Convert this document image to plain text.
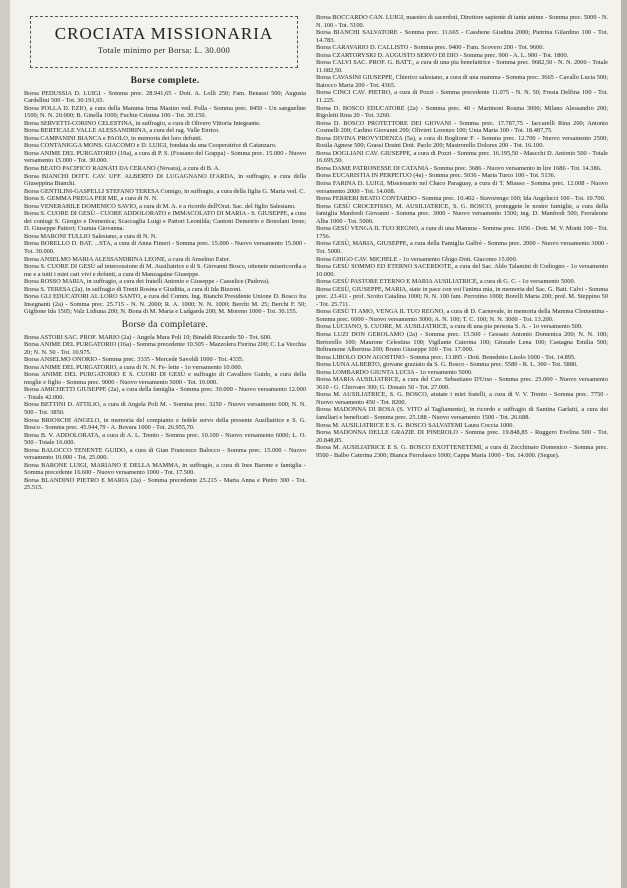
CROCIATA MISSIONARIA
Totale minimo per Borsa: L. 30.000
Borse complete.

Borsa PEDUSSIA D. LUIGI - Somma prec. 28.941,65 - Dott. A. Lolli 250; Fam. Benassi 500; Augusta Cardellini 500 - Tot. 30.191,65.

Borsa POLLA D. EZIO, a cura della Mamma Irma Masino ved. Polla - Somma prec. 8450 - Un sangueline 1500; N. N. 20.000; B. Ginella 1000; Fuchin Cristina 100 - Tot. 30.150.

Borsa SERVETTI-CORINO CELESTINA, in suffragio, a cura di Olivero Vittoria Integrante.

Borsa BERTICALE VALLE ALESSANDRINA, a cura del rag. Valle Enrico.

Borsa CAMPANINI BIANCA e PAOLO, in memoria dei loro defunti.

Borsa CONTANIGGA MONS. GIACOMO e D. LUIGI, fondata da una Cooperatrice di Catanzaro.

Borsa ANIME DEL PURGATORIO (19a), a cura di P. S. (Fossano del Grappa) - Somma prec. 15.000 - Nuovo versamento 15.000 - Tot. 30.000.

Borsa BEATO PACIFICO RAINATI DA CERANO (Novara), a cura di B. A.

Borsa BIANCHI DOTT. CAV. UFF. ALBERTO DI LUGAGNANO D'ARDA, in suffragio, a cura della Giuseppina Bianchi.

Borsa GENTILINI-GASPELLI STEFANO TERESA Comigo, in suffragio, a cura della figlia G. Maria ved. C.

Borsa S. GEMMA PREGA PER ME, a cura di N. N.

Borsa VENERABILE DOMENICO SAVIO, a cura di M. A. e a ricordo dell'Orat. Sac. del figlio Salesiano.

Borsa S. CUORE DI GESÙ - CUORE ADDOLORATO e IMMACOLATO DI MARIA - S. GIUSEPPE, a cura dei coniugi S. Giorgio e Domenica; Scaccaglia Luigi e Pattori Leonilda; Cantoni Demetrio e Bonolani Irene; D. Giuseppe Pattori; Cramia Giovanna.

Borsa MARONI TULLIO Salesiano, a cura di N. N.

Borsa BORELLO D. BAT. ...STA, a cura di Anna Fimeri - Somma prec. 15.000 - Nuovo versamento 15.000 - Tot. 30.000.

Borsa ANSELMO MARIA ALESSANDRINA LEONE, a cura di Anselmo Ester.

Borsa S. CUORE DI GESÙ ad intercessione di M. Ausiliatrice e di S. Giovanni Bosco, ottenete misericordia a me e a tutti i miei cari vivi e defunti, a cura di Manzagaine Giuseppe.

Borsa ROSSO MARIA, in suffragio, a cura dei fratelli Antonio e Giuseppe - Casselice (Padova).

Borsa S. TERESA (2a), in suffragio di Trenti Rosina e Giuditta, a cura di Ida Bizzoni.

Borsa GLI EDUCATORI AL LORO SANTO, a cura del Comm. Ing. Bianchi Presidente Unione D. Bosco fra Insegnanti (2a) - Somma prec. 25.715 - N. N. 2000; R. A. 1000; N. N. 1000; Berchi M. 25; Berchi F. 50; Giglione Ida 1505; Valz Lidiuna 200; N. Bona di M. Maria e Ludgarda 200; M. Moreno 1000 - Tot. 30.155.

Borse da completare.

Borsa ASTORI SAC. PROF. MARIO (2a) - Angela Mara Poli 10; Binaldi Riccardo 50 - Tot. 600.

Borsa ANIME DEL PURGATORIO (16a) - Somma precedente 10.505 - Mazzolera Fiorina 200; C. La Vecchia 20; N. N. 50 - Tot. 10.975.

Borsa ANSELMO ONORIO - Somma prec. 3335 - Mercede Savoldi 1000 - Tot. 4335.

Borsa ANIME DEL PURGATORIO, a cura di N. N. Fe- lette - 1o versamento 10.000.

Borsa ANIME DEL PURGATORIO E S. CUORI DI GESÙ e suffragio di Cavallero Guido, a cura della moglie e figlio - Somma prec. 9000 - Nuovo versamento 5000 - Tot. 10.000.

Borsa AMICHETTI GIUSEPPE (2a), a cura della famiglia - Somma prec. 30.000 - Nuovo versamento 12.000 - Totale 42.000.

Borsa BETTINI D. ATTILIO, a cura di Angela Poli M. - Somma prec. 3250 - Nuovo versamento 600; N. N. 500 - Tot. 3850.

Borsa BRIOSCHI ANGELO, in memoria del compianto e fedele servo della presente Ausiliatrice e S. G. Bosco - Somma prec. 45.944,79 - A. Bovara 1000 - Tot. 26.955,70.

Borsa B. V. ADDOLORATA, a cura di A. L. Trento - Somma prec. 10.100 - Nuovo versamento 6000; L. O. 500 - Totale 16.600.

Borsa BALOCCO TENENTE GUIDO, a cura di Gian Francesco Balocco - Somma prec. 15.000 - Nuovo versamento 10.000 - Tot. 25.000.

Borsa BARONE LUIGI, MARIANO E DELLA MAMMA, in suffragio, a cura di Ines Barone e famiglia - Somma precedente 16.600 - Nuovo versamento 1000 - Tot. 17.500.

Borsa BLANDINO PIETRO E MARIA (2a) - Somma precedente 25.215 - Marta Anna e Pietro 300 - Tot. 25.515.

Borsa BOCCARDO CAN. LUIGI, maestro di sacerdoti, Direttore sapiente di tante anime - Somma prec. 5000 - N. N. 100 - Tot. 5100.

Borsa BIANCHI SALVATORE - Somma prec. 11.665 - Cassbene Giuditta 2000; Pietrina Gilardino 100 - Tot. 14.783.

Borsa CARAVARIO D. CALLISTO - Somma prec. 9400 - Fam. Scovero 200 - Tot. 9600.

Borsa CZARTORYSKI D. AUGUSTO SERVO DI DIO - Somma prec. 900 - A. L. 900 - Tot. 1800.

Borsa CALVI SAC. PROF. G. BATT., a cura di una pia benefattrice - Somma prec. 9682,50 - N. N. 2000 - Totale 11.682,50.

Borsa CAVASINI GIUSEPPE, Chierico salesiano, a cura di una mamma - Somma prec. 3665 - Cavallo Lucia 500; Batocco Maria 200 - Tot. 4365.

Borsa CINCI CAV. PIETRO, a cura di Pozzi - Somma precedente 11.075 - N. N. 50; Fresia Delfina 100 - Tot. 11.225.

Borsa D. BOSCO EDUCATORE (2a) - Somma prec. 40 - Martinoni Rosina 3000; Milano Alessandro 200; Rigoletti Rina 20 - Tot. 3260.

Borsa D. BOSCO PROTETTORE DEI GIOVANI - Somma prec. 17.787,75 - Iaccarelli Rina 200; Antonio Cosmelli 200; Carlino Giovanni 200; Olivieri Lorenzo 100; Unia Maria 100 - Tot. 18.487,75.

Borsa DIVINA PROVVIDENZA (5a), a cura di Boglione F. - Somma prec. 12.700 - Nuovo versamento 2500; Rosila Agnese 500; Grassi Draini Dott. Paolo 200; Mastrorello Dolores 200 - Tot. 16.100.

Borsa DOGLIANI CAV. GIUSEPPE, a cura di Pozzi - Somma prec. 16.195,50 - Mascchi D. Antonio 500 - Totale 16.695,50.

Borsa DAME PATRONESSE DI CATANIA - Somma prec. 3686 - Nuovo versamento in lire 1686 - Tot. 14.386.

Borsa EUCARISTIA IN PERPETUO (4a) - Somma prec. 5036 - Maria Turco 100 - Tot. 5136.

Borsa FARINA D. LUIGI, Missionario nel Chaco Paraguay, a cura di T. Miasso - Somma prec. 12.008 - Nuovo versamento 2000 - Tot. 14.008.

Borsa FERRERI BEATO CONTARDO - Somma prec. 10.402 - Stavorengo 100; Ida Angelucci 100 - Tot. 10.700.

Borsa GESÙ CROCEFISSO, M. AUSILIATRICE, S. G. BOSCO, proteggete le nostre famiglie, a cura della famiglia Manfredi Giovanni - Somma prec. 3000 - Nuovo versamento 1500; ing. D. Manfredi 500; Ferraleone Alba 1000 - Tot. 5000.

Borsa GESÙ VENGA IL TUO REGNO, a cura di una Mamma - Somma prec. 1656 - Dott. M. V. Monti 100 - Tot. 1756.

Borsa GESÙ, MARIA, GIUSEPPE, a cura della Famiglia Galfrè - Somma prec. 2000 - Nuovo versamento 3000 - Tot. 5000.

Borsa GHIGO CAV. MICHELE - 1o versamento Ghigo Dott. Giacomo 15.000.

Borsa GESÙ SOMMO ED ETERNO SACERDOTE, a cura del Sac. Aldo Talamini di Codiogno - 1o versamento 10.000.

Borsa GESÙ PASTORE ETERNO E MARIA AUSILIATRICE, a cura di G. C. - 1o versamento 5000.

Borsa GESÙ, GIUSEPPE, MARIA, siate in pace con voi l'anima mia, in memoria del Sac. G. Batt. Calvi - Somma prec. 23.411 - prof. Scotto Catalina 1000; N. N. 100 fam. Perrotino 1000; Borelli Maria 200; prof. M. Steppino 50 - Tot. 25.711.

Borsa GESÙ TI AMO, VENGA IL TUO REGNO, a cura di D. Carnevale, in memoria della Mamma Clementina - Somma prec. 6000 - Nuovo versamento 3000; A. N. 100; T. C. 100; N. N. 3000 - Tot. 13.200.

Borsa LUCIANO, S. CUORE, M. AUSILIATRICE, a cura di una pia persona S. A. - 1o versamento 500.

Borsa LUZI DON GEROLAMO (2a) - Somma prec. 15.500 - Gessato Antonio Domenica 200; N. N. 100; Bertorello 100; Maurone Celestina 100; Vigilante Caterina 100; Giraudo Lena 100; Castagna Emilia 500; Beltramone Albertina 200; Bruno Giuseppe 100 - Tot. 17.000.

Borsa LIBOLO DON AGOSTINO - Somma prec. 13.895 - Dott. Benedetto Lisolo 1000 - Tot. 14.895.

Borsa LUNA ALBERTO, giovane graziato da S. G. Bosco - Somma prec. 5580 - R. L. 300 - Tot. 5880.

Borsa LOMBARDO GIUNTA LUCIA - 1o versamento 5000.

Borsa MARIA AUSILIATRICE, a cura del Cav. Sebastiano D'Urso - Somma prec. 25.000 - Nuovo versamento 3610 - G. Chiovaro 300; G. Donato 50 - Tot. 27.000.

Borsa M. AUSILIATRICE, S. G. BOSCO, aiutate i miei fratelli, a cura di V. V. Trento - Somma prec. 7750 - Nuovo versamento 450 - Tot. 8200.

Borsa MADONNA DI ROSA (S. VITO al Tagliamento), in ricordo e suffragio di Santina Garlatti, a cura dei familiari e beneficati - Somma prec. 25.188 - Nuovo versamento 1500 - Tot. 26.688.

Borsa M. AUSILIATRICE E S. G. BOSCO SALVATEMI Laura Coccia 1000.

Borsa MADONNA DELLE GRAZIE DI PINEROLO - Somma prec. 19.848,85 - Ruggero Evelina 500 - Tot. 20.848,85.

Borsa M. AUSILIATRICE E S. G. BOSCO EXOTTENETEMI, a cura di Zecchinato Domenico - Somma prec. 9500 - Balbo Caterina 2300; Bianca Ferrolasco 1000; Cappa Maria 1000 - Tot. 14.000. (Segue).
